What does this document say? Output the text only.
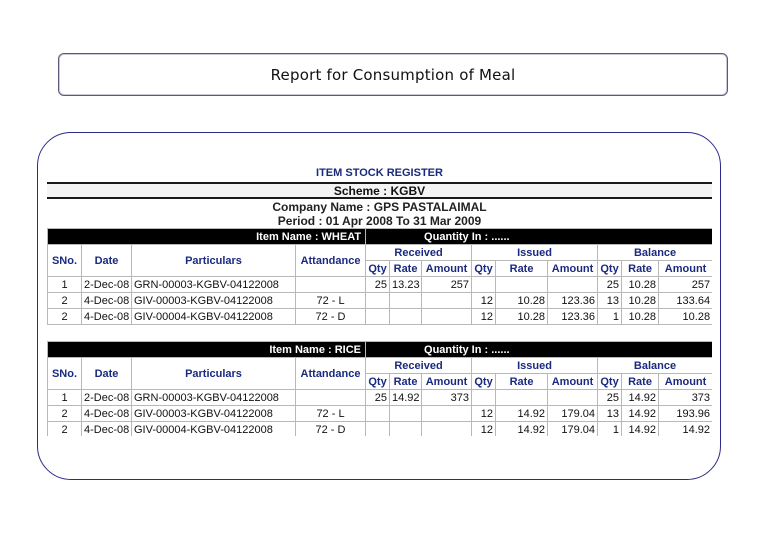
Report for Consumption of Meal
ITEM STOCK REGISTER
Scheme : KGBV
Company Name : GPS PASTALAIMAL
Period : 01 Apr 2008 To 31 Mar 2009
Item Name : WHEAT				Quantity In : ......								
SNo.	Date	Particulars	Attandance	Received			Issued			Balance		
				Qty	Rate	Amount	Qty	Rate	Amount	Qty	Rate	Amount
1	2-Dec-08	GRN-00003-KGBV-04122008		25	13.23	257				25	10.28	257
2	4-Dec-08	GIV-00003-KGBV-04122008	72 - L				12	10.28	123.36	13	10.28	133.64
2	4-Dec-08	GIV-00004-KGBV-04122008	72 - D				12	10.28	123.36	1	10.28	10.28
Item Name : RICE				Quantity In : ......								
SNo.	Date	Particulars	Attandance	Received			Issued			Balance		
				Qty	Rate	Amount	Qty	Rate	Amount	Qty	Rate	Amount
1	2-Dec-08	GRN-00003-KGBV-04122008		25	14.92	373				25	14.92	373
2	4-Dec-08	GIV-00003-KGBV-04122008	72 - L				12	14.92	179.04	13	14.92	193.96
2	4-Dec-08	GIV-00004-KGBV-04122008	72 - D				12	14.92	179.04	1	14.92	14.92
